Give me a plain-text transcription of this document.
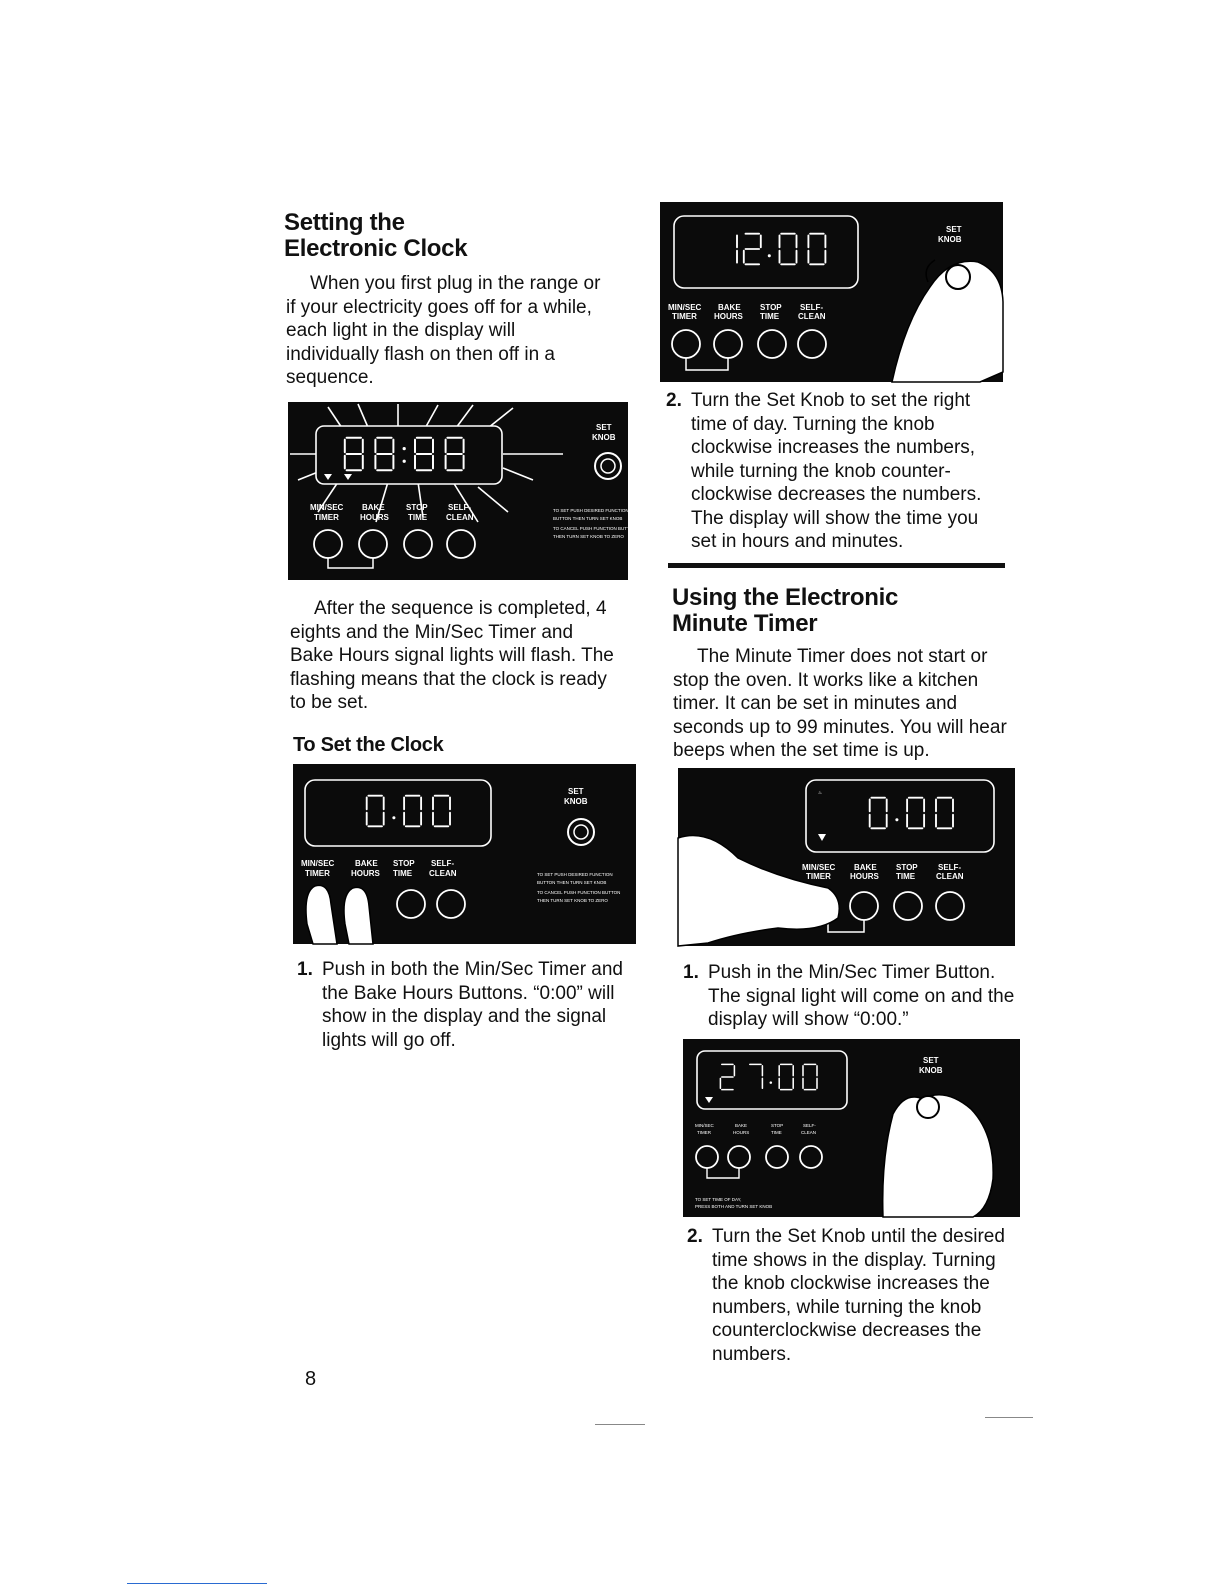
Setting the
Electronic Clock

When you first plug in the range or if your electricity goes off for a while, each light in the display will individually flash on then off in a sequence.

MIN/SEC
TIMER
BAKE
HOURS
STOP
TIME
SELF-
CLEAN
SET
KNOB
TO SET PUSH DESIRED FUNCTION
BUTTON THEN TURN SET KNOB
TO CANCEL PUSH FUNCTION BUTTON
THEN TURN SET KNOB TO ZERO

After the sequence is completed, 4 eights and the Min/Sec Timer and Bake Hours signal lights will flash. The flashing means that the clock is ready to be set.

To Set the Clock
MIN/SEC
TIMER
BAKE
HOURS
STOP
TIME
SELF-
CLEAN
SET
KNOB
TO SET PUSH DESIRED FUNCTION
BUTTON THEN TURN SET KNOB
TO CANCEL PUSH FUNCTION BUTTON
THEN TURN SET KNOB TO ZERO
1. Push in both the Min/Sec Timer and the Bake Hours Buttons. “0:00” will show in the display and the signal lights will go off.
8
MIN/SEC
TIMER
BAKE
HOURS
STOP
TIME
SELF-
CLEAN
SET
KNOB
2. Turn the Set Knob to set the right time of day. Turning the knob clockwise increases the numbers, while turning the knob counter-clockwise decreases the numbers. The display will show the time you set in hours and minutes.
Using the Electronic
Minute Timer

The Minute Timer does not start or stop the oven. It works like a kitchen timer. It can be set in minutes and seconds up to 99 minutes. You will hear beeps when the set time is up.

♨
MIN/SEC
TIMER
BAKE
HOURS
STOP
TIME
SELF-
CLEAN
1. Push in the Min/Sec Timer Button. The signal light will come on and the display will show “0:00.”
MIN/SEC
TIMER
BAKE
HOURS
STOP
TIME
SELF-
CLEAN
TO SET TIME OF DAY,
PRESS BOTH AND TURN SET KNOB
SET
KNOB
2. Turn the Set Knob until the desired time shows in the display. Turning the knob clockwise increases the numbers, while turning the knob counterclockwise decreases the numbers.
